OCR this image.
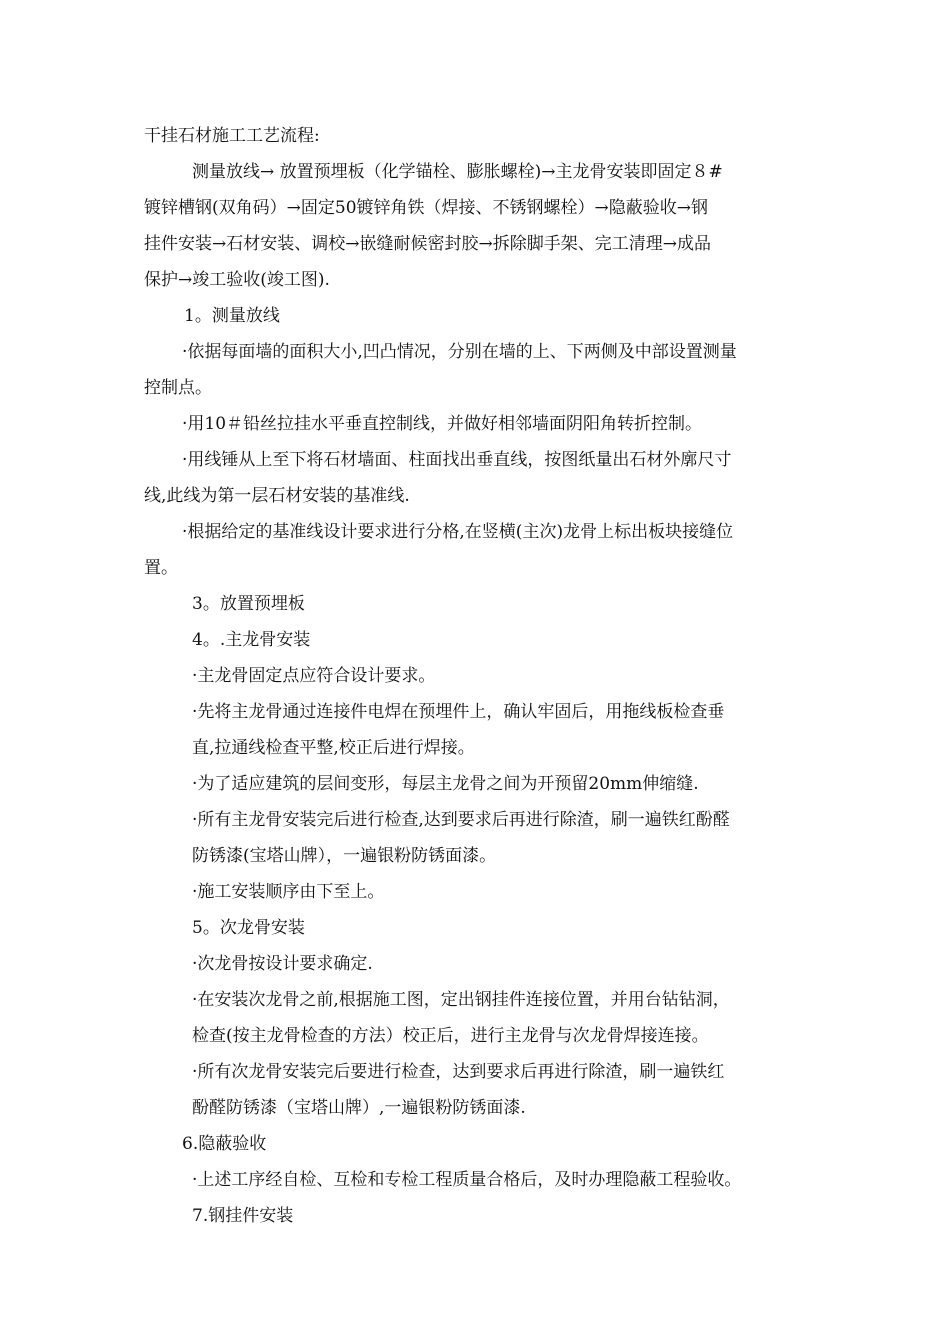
干挂石材施工工艺流程:
测量放线→ 放置预埋板（化学锚栓、膨胀螺栓)→主龙骨安装即固定８#
镀锌槽钢(双角码）→固定50镀锌角铁（焊接、不锈钢螺栓）→隐蔽验收→钢
挂件安装→石材安装、调校→嵌缝耐候密封胶→拆除脚手架、完工清理→成品
保护→竣工验收(竣工图).
1。测量放线
·依据每面墙的面积大小,凹凸情况，分别在墙的上、下两侧及中部设置测量
控制点。
·用10＃铅丝拉挂水平垂直控制线，并做好相邻墙面阴阳角转折控制。
·用线锤从上至下将石材墙面、柱面找出垂直线，按图纸量出石材外廓尺寸
线,此线为第一层石材安装的基准线.
·根据给定的基准线设计要求进行分格,在竖横(主次)龙骨上标出板块接缝位
置。
3。放置预埋板
4。.主龙骨安装
·主龙骨固定点应符合设计要求。
·先将主龙骨通过连接件电焊在预埋件上，确认牢固后，用拖线板检查垂
直,拉通线检查平整,校正后进行焊接。
·为了适应建筑的层间变形，每层主龙骨之间为开预留20mm伸缩缝.
·所有主龙骨安装完后进行检查,达到要求后再进行除渣，刷一遍铁红酚醛
防锈漆(宝塔山牌），一遍银粉防锈面漆。
·施工安装顺序由下至上。
5。次龙骨安装
·次龙骨按设计要求确定.
·在安装次龙骨之前,根据施工图，定出钢挂件连接位置，并用台钻钻洞，
检查(按主龙骨检查的方法）校正后，进行主龙骨与次龙骨焊接连接。
·所有次龙骨安装完后要进行检查，达到要求后再进行除渣，刷一遍铁红
酚醛防锈漆（宝塔山牌）,一遍银粉防锈面漆.
6.隐蔽验收
·上述工序经自检、互检和专检工程质量合格后，及时办理隐蔽工程验收。
7.钢挂件安装
